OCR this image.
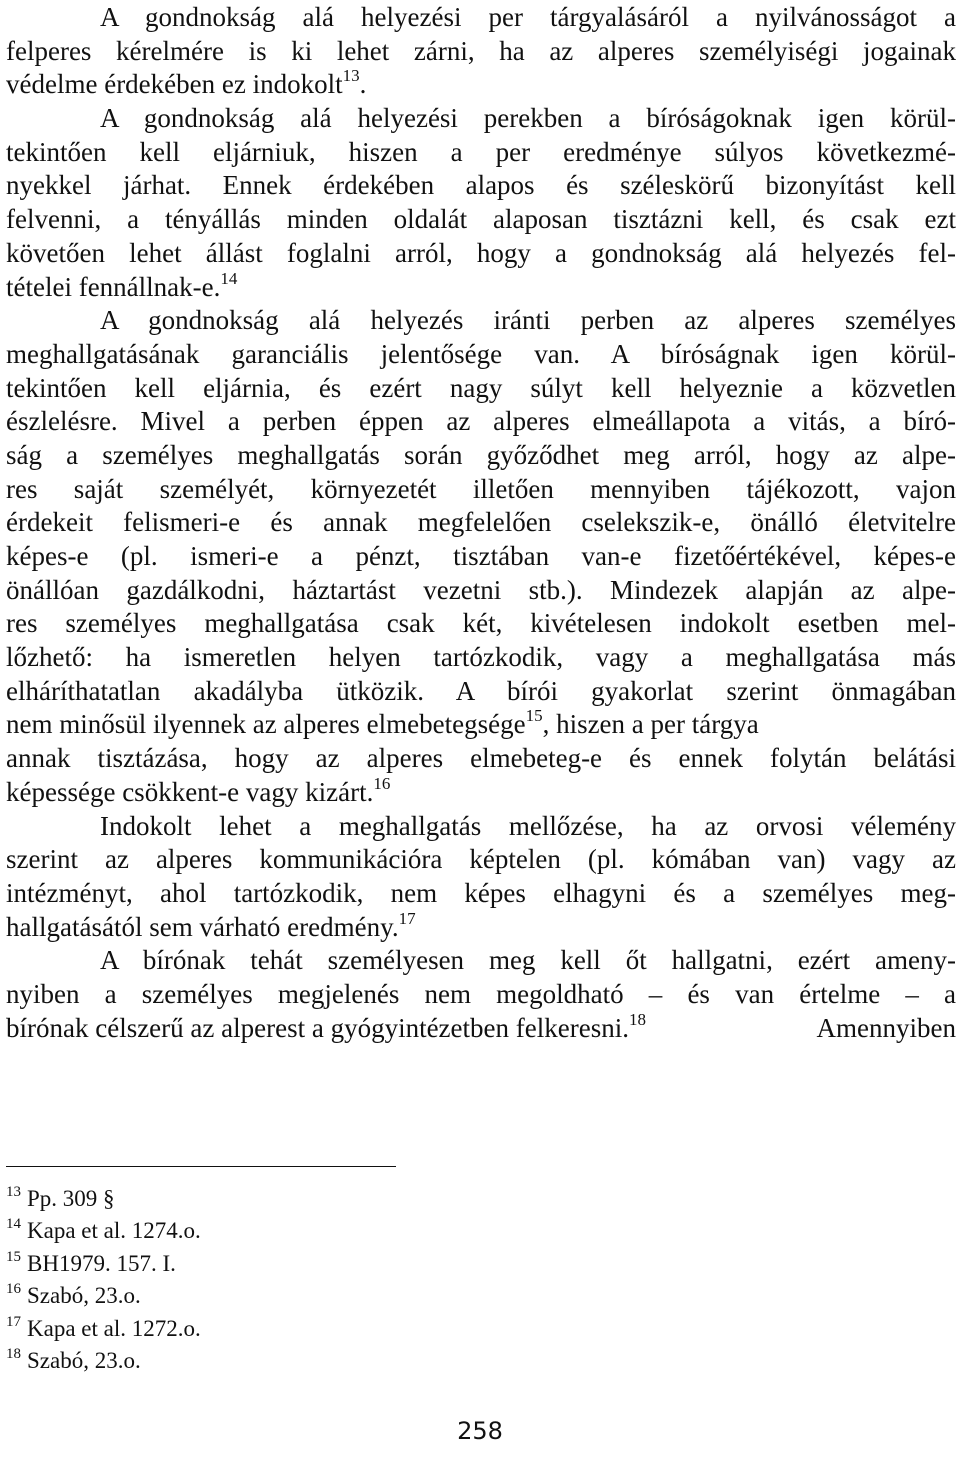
A gondnokság alá helyezési per tárgyalásáról a nyilvánosságot a
felperes kérelmére is ki lehet zárni, ha az alperes személyiségi jogainak
védelme érdekében ez indokolt$^{13}$.
A gondnokság alá helyezési perekben a bíróságoknak igen körül-
tekintően kell eljárniuk, hiszen a per eredménye súlyos következmé-
nyekkel járhat. Ennek érdekében alapos és széleskörű bizonyítást kell
felvenni, a tényállás minden oldalát alaposan tisztázni kell, és csak ezt
követően lehet állást foglalni arról, hogy a gondnokság alá helyezés fel-
tételei fennállnak-e.$^{14}$
A gondnokság alá helyezés iránti perben az alperes személyes
meghallgatásának garanciális jelentősége van. A bíróságnak igen körül-
tekintően kell eljárnia, és ezért nagy súlyt kell helyeznie a közvetlen
észlelésre. Mivel a perben éppen az alperes elmeállapota a vitás, a bíró-
ság a személyes meghallgatás során győződhet meg arról, hogy az alpe-
res saját személyét, környezetét illetően mennyiben tájékozott, vajon
érdekeit felismeri-e és annak megfelelően cselekszik-e, önálló életvitelre
képes-e (pl. ismeri-e a pénzt, tisztában van-e fizetőértékével, képes-e
önállóan gazdálkodni, háztartást vezetni stb.). Mindezek alapján az alpe-
res személyes meghallgatása csak két, kivételesen indokolt esetben mel-
lőzhető: ha ismeretlen helyen tartózkodik, vagy a meghallgatása más
elháríthatatlan akadályba ütközik. A bírói gyakorlat szerint önmagában
nem minősül ilyennek az alperes elmebetegsége$^{15}$, hiszen a per tárgya
annak tisztázása, hogy az alperes elmebeteg-e és ennek folytán belátási
képessége csökkent-e vagy kizárt.$^{16}$
Indokolt lehet a meghallgatás mellőzése, ha az orvosi vélemény
szerint az alperes kommunikációra képtelen (pl. kómában van) vagy az
intézményt, ahol tartózkodik, nem képes elhagyni és a személyes meg-
hallgatásától sem várható eredmény.$^{17}$
A bírónak tehát személyesen meg kell őt hallgatni, ezért ameny-
nyiben a személyes megjelenés nem megoldható – és van értelme – a
bírónak célszerű az alperest a gyógyintézetben felkeresni.$^{18}$	Amennyiben
$^{13}$ Pp. 309 §
$^{14}$ Kapa et al. 1274.o.
$^{15}$ BH1979. 157. I.
$^{16}$ Szabó, 23.o.
$^{17}$ Kapa et al. 1272.o.
$^{18}$ Szabó, 23.o.
258
